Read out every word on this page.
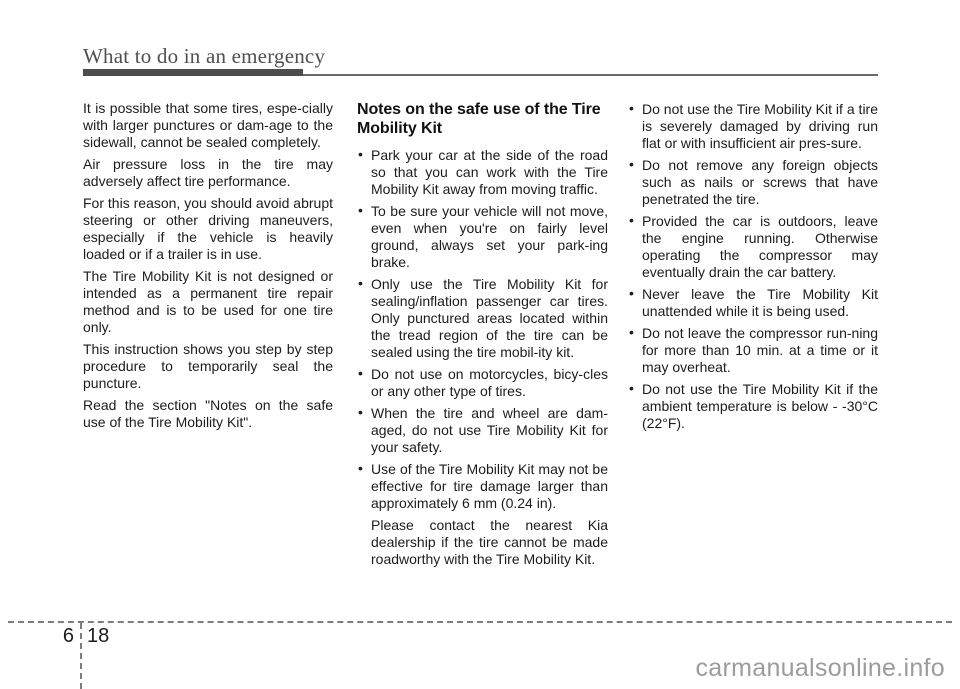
What to do in an emergency

It is possible that some tires, espe-cially with larger punctures or dam-age to the sidewall, cannot be sealed completely.

Air pressure loss in the tire may adversely affect tire performance.

For this reason, you should avoid abrupt steering or other driving maneuvers, especially if the vehicle is heavily loaded or if a trailer is in use.

The Tire Mobility Kit is not designed or intended as a permanent tire repair method and is to be used for one tire only.

This instruction shows you step by step procedure to temporarily seal the puncture.

Read the section "Notes on the safe use of the Tire Mobility Kit".

Notes on the safe use of the Tire Mobility Kit
• Park your car at the side of the road so that you can work with the Tire Mobility Kit away from moving traffic.
• To be sure your vehicle will not move, even when you're on fairly level ground, always set your park-ing brake.
• Only use the Tire Mobility Kit for sealing/inflation passenger car tires. Only punctured areas located within the tread region of the tire can be sealed using the tire mobil-ity kit.
• Do not use on motorcycles, bicy-cles or any other type of tires.
• When the tire and wheel are dam-aged, do not use Tire Mobility Kit for your safety.
• Use of the Tire Mobility Kit may not be effective for tire damage larger than approximately 6 mm (0.24 in).

Please contact the nearest Kia dealership if the tire cannot be made roadworthy with the Tire Mobility Kit.

• Do not use the Tire Mobility Kit if a tire is severely damaged by driving run flat or with insufficient air pres-sure.
• Do not remove any foreign objects such as nails or screws that have penetrated the tire.
• Provided the car is outdoors, leave the engine running. Otherwise operating the compressor may eventually drain the car battery.
• Never leave the Tire Mobility Kit unattended while it is being used.
• Do not leave the compressor run-ning for more than 10 min. at a time or it may overheat.
• Do not use the Tire Mobility Kit if the ambient temperature is below - -30°C (22°F).
6 18
carmanualsonline.info
